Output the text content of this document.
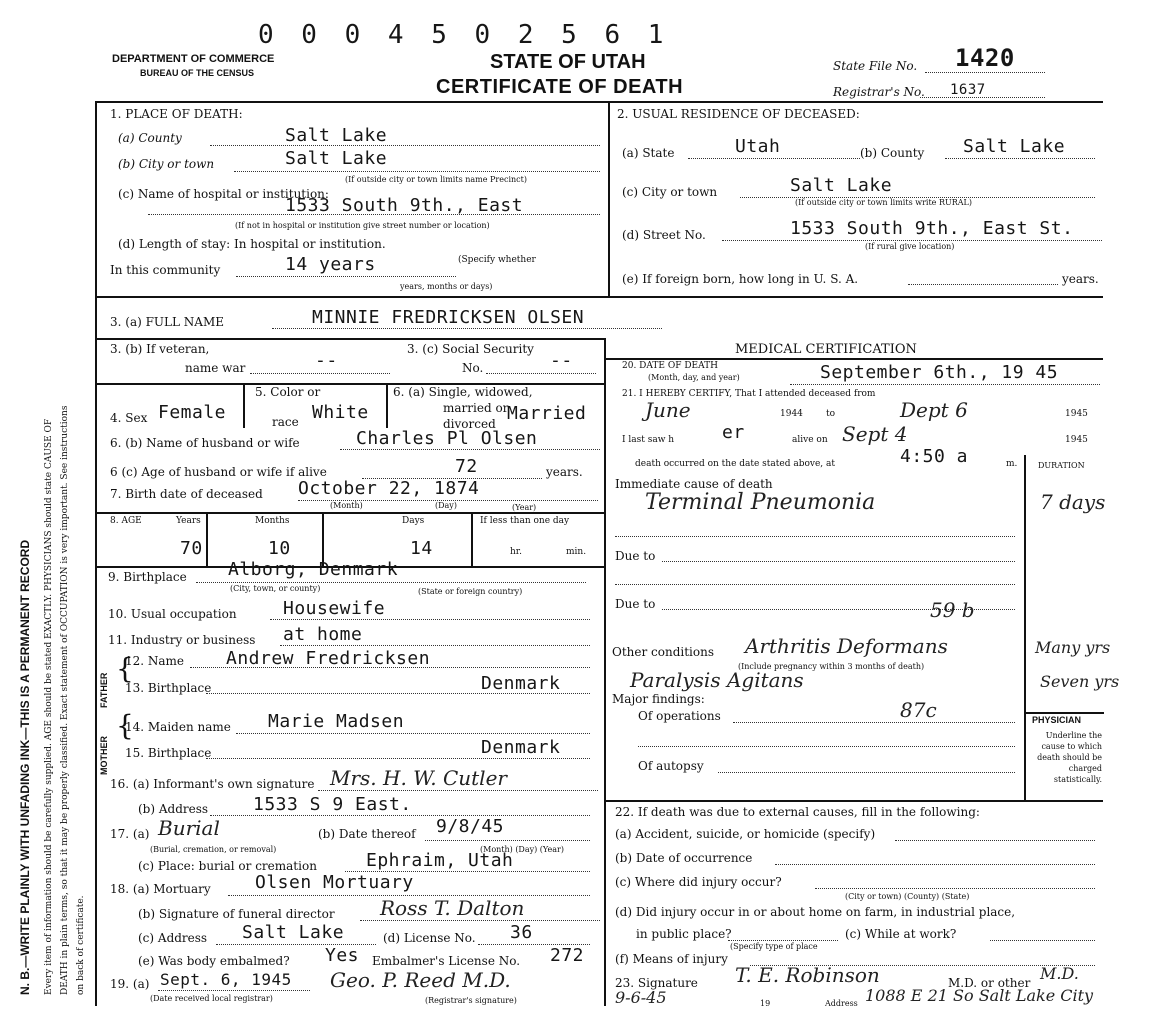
0 0 0 4 5 0 2 5 6 1
DEPARTMENT OF COMMERCE
BUREAU OF THE CENSUS	STATE OF UTAH
CERTIFICATE OF DEATH
State File No. 1420
Registrar's No. 1637
N. B.—WRITE PLAINLY WITH UNFADING INK—THIS IS A PERMANENT RECORD Every item of information should be carefully supplied. AGE should be stated EXACTLY. PHYSICIANS should state CAUSE OF DEATH in plain terms, so that it may be properly classified. Exact statement of OCCUPATION is very important. See instructions on back of certificate.
1. PLACE OF DEATH:
(a) County	Salt Lake
(b) City or town	Salt Lake
(If outside city or town limits name Precinct)
(c) Name of hospital or institution:
1533 South 9th., East
(If not in hospital or institution give street number or location)
(d) Length of stay: In hospital or institution.
In this community	14 years	(Specify whether
years, months or days)
2. USUAL RESIDENCE OF DECEASED:
(a) State	Utah	(b) County Salt Lake
(c) City or town	Salt Lake
(If outside city or town limits write RURAL)
(d) Street No.	1533 South 9th., East St.
(If rural give location)
(e) If foreign born, how long in U. S. A.	years.
3. (a) FULL NAME	MINNIE FREDRICKSEN OLSEN
3. (b) If veteran,
name war	--
3. (c) Social Security
No.	--
4. Sex Female
5. Color or
race White
6. (a) Single, widowed,
married or
divorced Married
6. (b) Name of husband or wife	Charles Pl Olsen
6 (c) Age of husband or wife if alive	72	years.
7. Birth date of deceased October 22, 1874
(Month)	(Day)	(Year)
8. AGE	Years	Months	Days	If less than one day
70	10	14	hr.	min.
9. Birthplace Alborg, Denmark
(City, town, or county)	(State or foreign country)
10. Usual occupation	Housewife
11. Industry or business at home
FATHER
{
12. Name Andrew Fredricksen
13. Birthplace	Denmark
MOTHER
{
14. Maiden name Marie Madsen
15. Birthplace	Denmark
16. (a) Informant's own signature Mrs. H. W. Cutler
(b) Address 1533 S 9 East.
17. (a) Burial
(Burial, cremation, or removal)
(b) Date thereof 9/8/45
(Month) (Day) (Year)
(c) Place: burial or cremation	Ephraim, Utah
18. (a) Mortuary Olsen Mortuary
(b) Signature of funeral director Ross T. Dalton
(c) Address Salt Lake	(d) License No. 36
(e) Was body embalmed? Yes Embalmer's License No. 272
19. (a) Sept. 6, 1945
(Date received local registrar)
Geo. P. Reed M.D.
(Registrar's signature)
MEDICAL CERTIFICATION
20. DATE OF DEATH
(Month, day, and year)	September 6th., 19 45
21. I HEREBY CERTIFY, That I attended deceased from
June	1944	to	Dept 6	1945
I last saw h	er	alive on Sept 4	1945
death occurred on the date stated above, at	4:50 a	m.	DURATION
Immediate cause of death
Terminal Pneumonia	7 days
Due to
Due to	59 b
Other conditions Arthritis Deformans	Many yrs
(Include pregnancy within 3 months of death)
Paralysis Agitans	Seven yrs
Major findings:
Of operations	87c
Of autopsy
PHYSICIAN
Underline the cause to which death should be charged statistically.
22. If death was due to external causes, fill in the following:
(a) Accident, suicide, or homicide (specify)
(b) Date of occurrence
(c) Where did injury occur?
(City or town) (County) (State)
(d) Did injury occur in or about home on farm, in industrial place,
in public place?
(Specify type of place
(c) While at work?
(f) Means of injury
23. Signature T. E. Robinson	M.D. or other M.D.
9-6-45	19	Address 1088 E 21 So Salt Lake City
